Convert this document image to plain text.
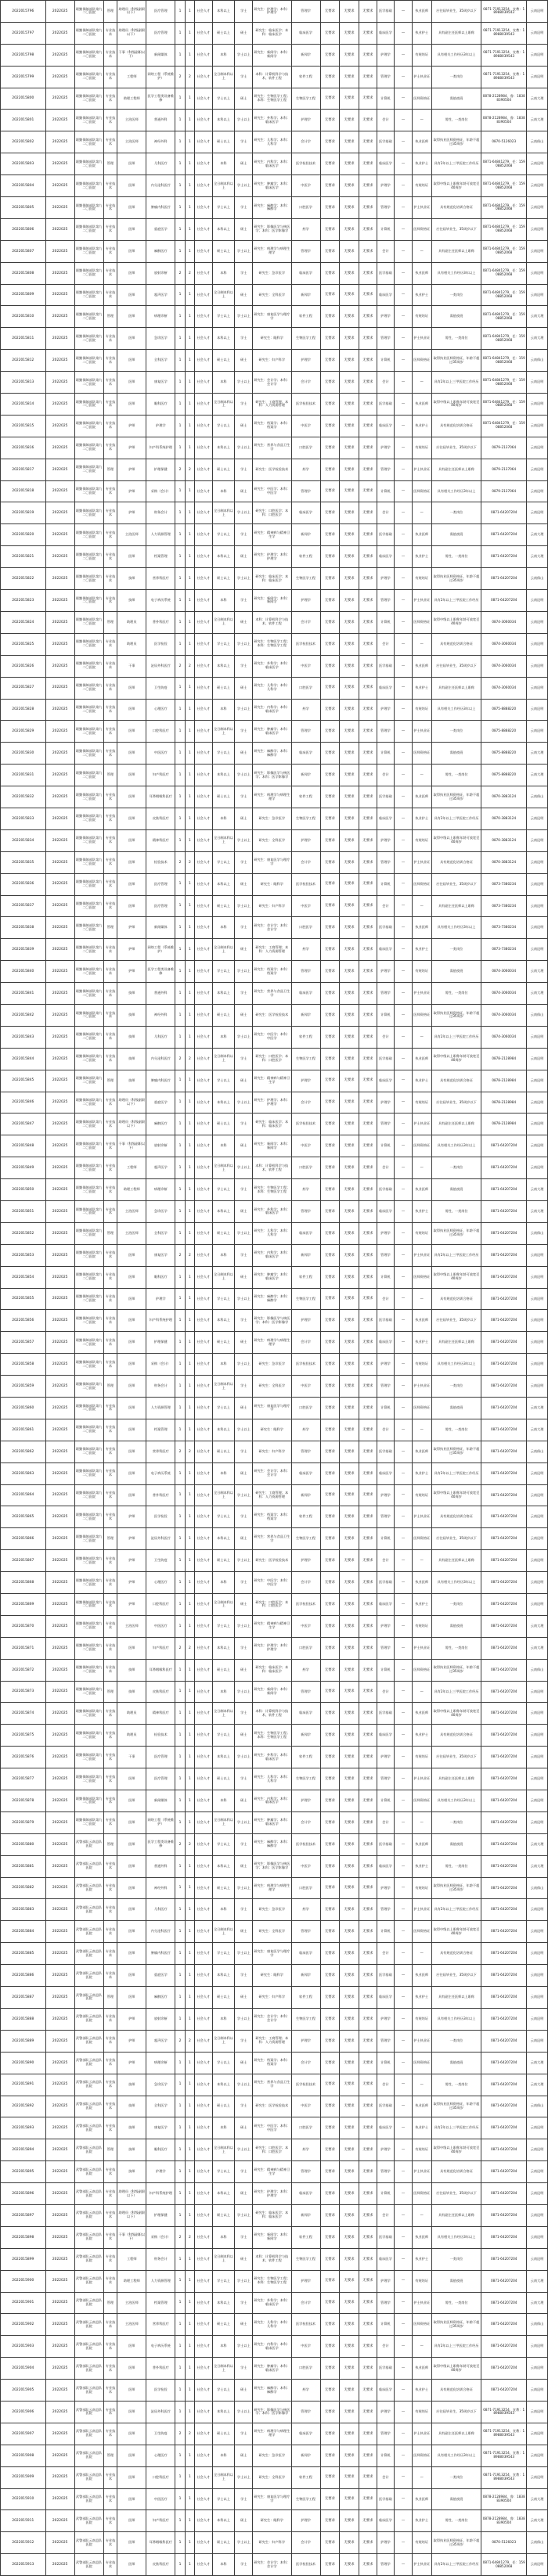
2022015796	2022025	联勤保障部队第九二〇医院	管理	助理员（科级副职以下）	医疗管理	1	1	社会人才	本科以上	学士	研究生：护理学；本科：护理学	管理学	无要求	无要求	无要求	医学基础	—	执业医师	应往届毕业生，35周岁以下	0871-71913254，宣教：18988039543	云南昆明
2022015797	2022025	联勤保障部队第九二〇医院	专业技术	助理员（科级副职以下）	医疗管理	1	1	社会人才	硕士以上	硕士	研究生：临床医学；本科：临床医学	临床医学	无要求	无要求	无要求	临床医学	—	执业护士	具有副主任医师以上职称	0871-71913254，宣教：18988039543	云南昆明
2022015798	2022025	联勤保障部队第九二〇医院	专业技术	干事（科级副职以下）	新闻媒体	1	1	社会人才	本科	学士以上	研究生：新闻学；本科：新闻学	新闻学	无要求	无要求	无要求	护理学	—	有规培证	具有相关工作经历3年以上	0871-71913254，宣教：18988039543	云南昆明
2022015799	2022025	联勤保障部队第九二〇医院	专业技术	工程师	网络工程（系统维护）	2	2	社会人才	全日制本科以上	学士	本科：计算机科学与技术、软件工程	软件工程	无要求	无要求	无要求	管理学	—	护士执业证	一类岗位	0871-71913254，宣教：18988039543	云南昆明
2022015800	2022025	联勤保障部队第九二〇医院	专业技术	助理工程师	医学工程类设备维修	1	1	社会人才	学士以上	硕士	研究生：生物医学工程；本科：生物医学工程	生物医学工程	无要求	无要求	无要求	计算机	—	医师资格证	需值夜班	0878-2128984，鲁：18388390504	云南大理
2022015801	2022025	联勤保障部队第九二〇医院	专业技术	主治医师	普通外科	1	1	社会人才	本科以上	学士以上	研究生：外科学；本科：临床医学	护理学	无要求	无要求	无要求	会计	—	—	男性，一类岗位	0878-2128984，鲁：18388390504	云南大理
2022015802	2022025	联勤保障部队第九二〇医院	专业技术	主治医师	神经外科	1	1	社会人才	硕士以上	学士	研究生：儿科学；本科：儿科学	会计学	无要求	无要求	无要求	医学基础	—	执业医师	取得执业医师资格证，年龄不超过35周岁	0870-5126023	云南保山
2022015803	2022025	联勤保障部队第九二〇医院	管理	医师	儿科医疗	1	1	社会人才	本科	硕士	研究生：内科学；本科：临床医学	医学检验技术	无要求	无要求	无要求	临床医学	—	执业护士	具有2年以上三甲医院工作经历	0871-64841279，任：15908852068	云南昆明
2022015804	2022025	联勤保障部队第九二〇医院	专业技术	医师	内分泌科医疗	1	1	社会人才	全日制本科以上	学士以上	研究生：肿瘤学；本科：临床医学	中医学	无要求	无要求	无要求	护理学	—	有规培证	取得中级以上职称年龄可放宽至40周岁	0871-64841279，任：15908852068	云南昆明
2022015805	2022025	联勤保障部队第九二〇医院	专业技术	医师	肿瘤内科医疗	1	1	社会人才	学士以上	学士	研究生：麻醉学；本科：麻醉学	口腔医学	无要求	无要求	无要求	管理学	—	护士执业证	具有规范化培训合格证	0871-64841279，任：15908852068	云南昆明
2022015806	2022025	联勤保障部队第九二〇医院	专业技术	医师	重症医学	1	1	社会人才	本科以上	硕士	研究生：影像医学与核医学；本科：医学影像学	药学	无要求	无要求	无要求	计算机	—	医师资格证	应往届毕业生，35周岁以下	0871-64841279，任：15908852068	云南昆明
2022015807	2022025	联勤保障部队第九二〇医院	专业技术	医师	麻醉医疗	1	1	社会人才	硕士以上	学士以上	研究生：病理学与病理生理学	管理学	无要求	无要求	无要求	会计	—	—	具有副主任医师以上职称	0871-64841279，任：15908852068	云南昆明
2022015808	2022025	联勤保障部队第九二〇医院	专业技术	医师	放射诊断	2	2	社会人才	本科	学士	研究生：急诊医学	临床医学	无要求	无要求	无要求	医学基础	—	执业医师	具有相关工作经历3年以上	0871-64841279，任：15908852068	云南昆明
2022015809	2022025	联勤保障部队第九二〇医院	专业技术	医师	超声医学	1	1	社会人才	全日制本科以上	硕士	研究生：全科医学	新闻学	无要求	无要求	无要求	临床医学	—	执业护士	一类岗位	0871-64841279，任：15908852068	云南昆明
2022015810	2022025	联勤保障部队第九二〇医院	管理	医师	病理诊断	1	1	社会人才	学士以上	学士以上	研究生：康复医学与理疗学	软件工程	无要求	无要求	无要求	护理学	—	有规培证	需值夜班	0871-64841279，任：15908852068	云南大理
2022015811	2022025	联勤保障部队第九二〇医院	专业技术	医师	急诊医学	1	1	社会人才	本科以上	学士	研究生：眼科学	生物医学工程	无要求	无要求	无要求	管理学	—	护士执业证	男性，一类岗位	0871-64841279，任：15908852068	云南大理
2022015812	2022025	联勤保障部队第九二〇医院	专业技术	医师	全科医学	1	1	社会人才	硕士以上	硕士	研究生：妇产科学	护理学	无要求	无要求	无要求	计算机	—	医师资格证	取得执业医师资格证，年龄不超过35周岁	0871-64841279，任：15908852068	云南保山
2022015813	2022025	联勤保障部队第九二〇医院	专业技术	医师	康复医学	1	1	社会人才	本科	学士以上	研究生：会计学；本科：会计学	会计学	无要求	无要求	无要求	会计	—	—	具有2年以上三甲医院工作经历	0871-64841279，任：15908852068	云南昆明
2022015814	2022025	联勤保障部队第九二〇医院	专业技术	医师	眼科医疗	1	1	社会人才	全日制本科以上	学士	研究生：工商管理；本科：人力资源管理	医学检验技术	无要求	无要求	无要求	医学基础	—	执业医师	取得中级以上职称年龄可放宽至40周岁	0871-64841279，任：15908852068	云南昆明
2022015815	2022025	联勤保障部队第九二〇医院	专业技术	护师	护理学	1	1	社会人才	学士以上	硕士	研究生：档案学；本科：档案学	中医学	无要求	无要求	无要求	临床医学	—	执业护士	具有规范化培训合格证	0871-64841279，任：15908852068	云南昆明
2022015816	2022025	联勤保障部队第九二〇医院	专业技术	护师	妇产科系统护理	1	1	社会人才	本科以上	学士以上	研究生：营养与食品卫生学	口腔医学	无要求	无要求	无要求	护理学	—	有规培证	应往届毕业生，35周岁以下	0879-2137064	云南昆明
2022015817	2022025	联勤保障部队第九二〇医院	管理	护师	护理保健	2	2	社会人才	硕士以上	学士	研究生：医学检验技术	药学	无要求	无要求	无要求	管理学	—	护士执业证	具有副主任医师以上职称	0879-2137064	云南昆明
2022015818	2022025	联勤保障部队第九二〇医院	专业技术	护师	采购（会计）	1	1	社会人才	本科	硕士	研究生：中医学；本科：中医学	管理学	无要求	无要求	无要求	计算机	—	医师资格证	具有相关工作经历3年以上	0879-2137064	云南昆明
2022015819	2022025	联勤保障部队第九二〇医院	专业技术	护师	财务会计	1	1	社会人才	全日制本科以上	学士以上	研究生：口腔医学；本科：口腔医学	临床医学	无要求	无要求	无要求	会计	—	—	一类岗位	0871-64207204	云南昆明
2022015820	2022025	联勤保障部队第九二〇医院	专业技术	主治医师	人力资源管理	1	1	社会人才	学士以上	学士	研究生：精神病与精神卫生学	新闻学	无要求	无要求	无要求	医学基础	—	执业医师	需值夜班	0871-64207204	云南大理
2022015821	2022025	联勤保障部队第九二〇医院	专业技术	医师	档案管理	1	1	社会人才	本科以上	硕士	研究生：护理学；本科：护理学	软件工程	无要求	无要求	无要求	临床医学	—	执业护士	男性，一类岗位	0871-64207204	云南大理
2022015822	2022025	联勤保障部队第九二〇医院	专业技术	技师	营养科医疗	1	1	社会人才	硕士以上	学士以上	研究生：临床医学；本科：临床医学	生物医学工程	无要求	无要求	无要求	护理学	—	有规培证	取得执业医师资格证，年龄不超过35周岁	0871-64207204	云南保山
2022015823	2022025	联勤保障部队第九二〇医院	专业技术	技师	电子病历系统	1	1	社会人才	本科	学士	研究生：新闻学；本科：新闻学	护理学	无要求	无要求	无要求	管理学	—	护士执业证	具有2年以上三甲医院工作经历	0871-64207204	云南昆明
2022015824	2022025	联勤保障部队第九二〇医院	管理	助理员	普外科医疗	1	1	社会人才	全日制本科以上	硕士	本科：计算机科学与技术、软件工程	会计学	无要求	无要求	无要求	计算机	—	医师资格证	取得中级以上职称年龄可放宽至40周岁	0874-3060034	云南昆明
2022015825	2022025	联勤保障部队第九二〇医院	专业技术	助理员	医学检验	1	1	社会人才	学士以上	学士以上	研究生：生物医学工程；本科：生物医学工程	医学检验技术	无要求	无要求	无要求	会计	—	—	具有规范化培训合格证	0874-3060034	云南昆明
2022015826	2022025	联勤保障部队第九二〇医院	专业技术	干事	泌尿外科医疗	2	2	社会人才	本科以上	学士	研究生：外科学；本科：临床医学	中医学	无要求	无要求	无要求	医学基础	—	执业医师	应往届毕业生，35周岁以下	0874-3060034	云南昆明
2022015827	2022025	联勤保障部队第九二〇医院	专业技术	医师	卫生防疫	1	1	社会人才	硕士以上	硕士	研究生：儿科学；本科：儿科学	口腔医学	无要求	无要求	无要求	临床医学	—	执业护士	具有副主任医师以上职称	0874-3060034	云南昆明
2022015828	2022025	联勤保障部队第九二〇医院	专业技术	医师	心理医疗	1	1	社会人才	本科	学士以上	研究生：内科学；本科：临床医学	药学	无要求	无要求	无要求	护理学	—	有规培证	具有相关工作经历3年以上	0875-8888220	云南昆明
2022015829	2022025	联勤保障部队第九二〇医院	专业技术	医师	口腔科医疗	1	1	社会人才	全日制本科以上	学士	研究生：肿瘤学；本科：临床医学	管理学	无要求	无要求	无要求	管理学	—	护士执业证	一类岗位	0875-8888220	云南昆明
2022015830	2022025	联勤保障部队第九二〇医院	专业技术	医师	中医医疗	1	1	社会人才	学士以上	硕士	研究生：麻醉学；本科：麻醉学	临床医学	无要求	无要求	无要求	计算机	—	医师资格证	需值夜班	0875-8888220	云南大理
2022015831	2022025	联勤保障部队第九二〇医院	管理	医师	妇产科医疗	1	1	社会人才	本科以上	学士以上	研究生：影像医学与核医学；本科：医学影像学	新闻学	无要求	无要求	无要求	会计	—	—	男性，一类岗位	0875-8888220	云南大理
2022015832	2022025	联勤保障部队第九二〇医院	专业技术	医师	耳鼻咽喉科医疗	1	1	社会人才	硕士以上	学士	研究生：病理学与病理生理学	软件工程	无要求	无要求	无要求	医学基础	—	执业医师	取得执业医师资格证，年龄不超过35周岁	0870-3883124	云南保山
2022015833	2022025	联勤保障部队第九二〇医院	专业技术	医师	皮肤科医疗	1	1	社会人才	本科	硕士	研究生：急诊医学	生物医学工程	无要求	无要求	无要求	临床医学	—	执业护士	具有2年以上三甲医院工作经历	0870-3883124	云南昆明
2022015834	2022025	联勤保障部队第九二〇医院	专业技术	医师	精神科医疗	1	1	社会人才	全日制本科以上	学士以上	研究生：全科医学	护理学	无要求	无要求	无要求	护理学	—	有规培证	取得中级以上职称年龄可放宽至40周岁	0870-3883124	云南昆明
2022015835	2022025	联勤保障部队第九二〇医院	专业技术	医师	检验技术	2	2	社会人才	学士以上	学士	研究生：康复医学与理疗学	会计学	无要求	无要求	无要求	管理学	—	护士执业证	具有规范化培训合格证	0870-3883124	云南昆明
2022015836	2022025	联勤保障部队第九二〇医院	专业技术	医师	医疗管理	1	1	社会人才	本科以上	硕士	研究生：眼科学	医学检验技术	无要求	无要求	无要求	计算机	—	医师资格证	应往届毕业生，35周岁以下	0873-7380234	云南昆明
2022015837	2022025	联勤保障部队第九二〇医院	专业技术	医师	医疗管理	1	1	社会人才	硕士以上	学士以上	研究生：妇产科学	中医学	无要求	无要求	无要求	会计	—	—	具有副主任医师以上职称	0873-7380234	云南昆明
2022015838	2022025	联勤保障部队第九二〇医院	管理	护师	新闻媒体	1	1	社会人才	本科	学士	研究生：会计学；本科：会计学	口腔医学	无要求	无要求	无要求	医学基础	—	执业医师	具有相关工作经历3年以上	0873-7380234	云南昆明
2022015839	2022025	联勤保障部队第九二〇医院	专业技术	护师	网络工程（系统维护）	1	1	社会人才	全日制本科以上	硕士	研究生：工商管理；本科：人力资源管理	药学	无要求	无要求	无要求	临床医学	—	执业护士	一类岗位	0873-7380234	云南昆明
2022015840	2022025	联勤保障部队第九二〇医院	专业技术	护师	医学工程类设备维修	1	1	社会人才	学士以上	学士以上	研究生：档案学；本科：档案学	管理学	无要求	无要求	无要求	护理学	—	有规培证	需值夜班	0874-3060034	云南大理
2022015841	2022025	联勤保障部队第九二〇医院	专业技术	技师	普通外科	1	1	社会人才	本科以上	学士	研究生：营养与食品卫生学	临床医学	无要求	无要求	无要求	管理学	—	护士执业证	男性，一类岗位	0874-3060034	云南大理
2022015842	2022025	联勤保障部队第九二〇医院	专业技术	技师	神经外科	1	1	社会人才	硕士以上	硕士	研究生：医学检验技术	新闻学	无要求	无要求	无要求	计算机	—	医师资格证	取得执业医师资格证，年龄不超过35周岁	0874-3060034	云南保山
2022015843	2022025	联勤保障部队第九二〇医院	专业技术	技师	儿科医疗	1	1	社会人才	本科	学士以上	研究生：中医学；本科：中医学	软件工程	无要求	无要求	无要求	会计	—	—	具有2年以上三甲医院工作经历	0874-3060034	云南昆明
2022015844	2022025	联勤保障部队第九二〇医院	专业技术	技师	内分泌科医疗	2	2	社会人才	全日制本科以上	学士	研究生：口腔医学；本科：口腔医学	生物医学工程	无要求	无要求	无要求	医学基础	—	执业医师	取得中级以上职称年龄可放宽至40周岁	0878-2128984	云南昆明
2022015845	2022025	联勤保障部队第九二〇医院	管理	技师	肿瘤内科医疗	1	1	社会人才	学士以上	硕士	研究生：精神病与精神卫生学	护理学	无要求	无要求	无要求	临床医学	—	执业护士	具有规范化培训合格证	0878-2128984	云南昆明
2022015846	2022025	联勤保障部队第九二〇医院	专业技术	助理员（科级副职以下）	重症医学	1	1	社会人才	本科以上	学士以上	研究生：护理学；本科：护理学	会计学	无要求	无要求	无要求	护理学	—	有规培证	应往届毕业生，35周岁以下	0878-2128984	云南昆明
2022015847	2022025	联勤保障部队第九二〇医院	专业技术	助理员（科级副职以下）	麻醉医疗	1	1	社会人才	硕士以上	学士	研究生：临床医学；本科：临床医学	医学检验技术	无要求	无要求	无要求	管理学	—	护士执业证	具有副主任医师以上职称	0878-2128984	云南昆明
2022015848	2022025	联勤保障部队第九二〇医院	专业技术	干事（科级副职以下）	放射诊断	1	1	社会人才	本科	硕士	研究生：新闻学；本科：新闻学	中医学	无要求	无要求	无要求	计算机	—	医师资格证	具有相关工作经历3年以上	0871-64207204	云南昆明
2022015849	2022025	联勤保障部队第九二〇医院	专业技术	工程师	超声医学	1	1	社会人才	全日制本科以上	学士以上	本科：计算机科学与技术、软件工程	口腔医学	无要求	无要求	无要求	会计	—	—	一类岗位	0871-64207204	云南昆明
2022015850	2022025	联勤保障部队第九二〇医院	专业技术	助理工程师	病理诊断	1	1	社会人才	学士以上	学士	研究生：生物医学工程；本科：生物医学工程	药学	无要求	无要求	无要求	医学基础	—	执业医师	需值夜班	0871-64207204	云南大理
2022015851	2022025	联勤保障部队第九二〇医院	专业技术	主治医师	急诊医学	1	1	社会人才	本科以上	硕士	研究生：外科学；本科：临床医学	管理学	无要求	无要求	无要求	临床医学	—	执业护士	男性，一类岗位	0871-64207204	云南大理
2022015852	2022025	联勤保障部队第九二〇医院	管理	主治医师	全科医学	1	1	社会人才	硕士以上	学士以上	研究生：儿科学；本科：儿科学	临床医学	无要求	无要求	无要求	护理学	—	有规培证	取得执业医师资格证，年龄不超过35周岁	0871-64207204	云南保山
2022015853	2022025	联勤保障部队第九二〇医院	专业技术	医师	康复医学	2	2	社会人才	本科	学士	研究生：内科学；本科：临床医学	新闻学	无要求	无要求	无要求	管理学	—	护士执业证	具有2年以上三甲医院工作经历	0871-64207204	云南昆明
2022015854	2022025	联勤保障部队第九二〇医院	专业技术	医师	眼科医疗	1	1	社会人才	全日制本科以上	硕士	研究生：肿瘤学；本科：临床医学	软件工程	无要求	无要求	无要求	计算机	—	医师资格证	取得中级以上职称年龄可放宽至40周岁	0871-64207204	云南昆明
2022015855	2022025	联勤保障部队第九二〇医院	专业技术	医师	护理学	1	1	社会人才	学士以上	学士以上	研究生：麻醉学；本科：麻醉学	生物医学工程	无要求	无要求	无要求	会计	—	—	具有规范化培训合格证	0871-64207204	云南昆明
2022015856	2022025	联勤保障部队第九二〇医院	专业技术	医师	妇产科系统护理	1	1	社会人才	本科以上	学士	研究生：影像医学与核医学；本科：医学影像学	护理学	无要求	无要求	无要求	医学基础	—	执业医师	应往届毕业生，35周岁以下	0871-64207204	云南昆明
2022015857	2022025	联勤保障部队第九二〇医院	专业技术	医师	护理保健	1	1	社会人才	硕士以上	硕士	研究生：病理学与病理生理学	会计学	无要求	无要求	无要求	临床医学	—	执业护士	具有副主任医师以上职称	0871-64207204	云南昆明
2022015858	2022025	联勤保障部队第九二〇医院	专业技术	医师	采购（会计）	1	1	社会人才	本科	学士以上	研究生：急诊医学	医学检验技术	无要求	无要求	无要求	护理学	—	有规培证	具有相关工作经历3年以上	0871-64207204	云南昆明
2022015859	2022025	联勤保障部队第九二〇医院	管理	医师	财务会计	1	1	社会人才	全日制本科以上	学士	研究生：全科医学	中医学	无要求	无要求	无要求	管理学	—	护士执业证	一类岗位	0871-64207204	云南昆明
2022015860	2022025	联勤保障部队第九二〇医院	专业技术	医师	人力资源管理	1	1	社会人才	学士以上	硕士	研究生：康复医学与理疗学	口腔医学	无要求	无要求	无要求	计算机	—	医师资格证	需值夜班	0871-64207204	云南大理
2022015861	2022025	联勤保障部队第九二〇医院	专业技术	医师	档案管理	1	1	社会人才	本科以上	学士以上	研究生：眼科学	药学	无要求	无要求	无要求	会计	—	—	男性，一类岗位	0871-64207204	云南大理
2022015862	2022025	联勤保障部队第九二〇医院	专业技术	医师	营养科医疗	2	2	社会人才	硕士以上	学士	研究生：妇产科学	管理学	无要求	无要求	无要求	医学基础	—	执业医师	取得执业医师资格证，年龄不超过35周岁	0871-64207204	云南保山
2022015863	2022025	联勤保障部队第九二〇医院	专业技术	医师	电子病历系统	1	1	社会人才	本科	硕士	研究生：会计学；本科：会计学	临床医学	无要求	无要求	无要求	临床医学	—	执业护士	具有2年以上三甲医院工作经历	0871-64207204	云南昆明
2022015864	2022025	联勤保障部队第九二〇医院	专业技术	医师	普外科医疗	1	1	社会人才	全日制本科以上	学士以上	研究生：工商管理；本科：人力资源管理	新闻学	无要求	无要求	无要求	护理学	—	有规培证	取得中级以上职称年龄可放宽至40周岁	0871-64207204	云南昆明
2022015865	2022025	联勤保障部队第九二〇医院	专业技术	护师	医学检验	1	1	社会人才	学士以上	学士	研究生：档案学；本科：档案学	软件工程	无要求	无要求	无要求	管理学	—	护士执业证	具有规范化培训合格证	0871-64207204	云南昆明
2022015866	2022025	联勤保障部队第九二〇医院	管理	护师	泌尿外科医疗	1	1	社会人才	本科以上	硕士	研究生：营养与食品卫生学	生物医学工程	无要求	无要求	无要求	计算机	—	医师资格证	应往届毕业生，35周岁以下	0871-64207204	云南昆明
2022015867	2022025	联勤保障部队第九二〇医院	专业技术	护师	卫生防疫	1	1	社会人才	硕士以上	学士以上	研究生：医学检验技术	护理学	无要求	无要求	无要求	会计	—	—	具有副主任医师以上职称	0871-64207204	云南昆明
2022015868	2022025	联勤保障部队第九二〇医院	专业技术	护师	心理医疗	1	1	社会人才	本科	学士	研究生：中医学；本科：中医学	会计学	无要求	无要求	无要求	医学基础	—	执业医师	具有相关工作经历3年以上	0871-64207204	云南昆明
2022015869	2022025	联勤保障部队第九二〇医院	专业技术	护师	口腔科医疗	1	1	社会人才	全日制本科以上	硕士	研究生：口腔医学；本科：口腔医学	医学检验技术	无要求	无要求	无要求	临床医学	—	执业护士	一类岗位	0871-64207204	云南昆明
2022015870	2022025	联勤保障部队第九二〇医院	专业技术	主治医师	中医医疗	1	1	社会人才	学士以上	学士以上	研究生：精神病与精神卫生学	中医学	无要求	无要求	无要求	护理学	—	有规培证	需值夜班	0871-64207204	云南大理
2022015871	2022025	联勤保障部队第九二〇医院	专业技术	医师	妇产科医疗	2	2	社会人才	本科以上	学士	研究生：护理学；本科：护理学	口腔医学	无要求	无要求	无要求	管理学	—	护士执业证	男性，一类岗位	0871-64207204	云南大理
2022015872	2022025	联勤保障部队第九二〇医院	专业技术	技师	耳鼻咽喉科医疗	1	1	社会人才	硕士以上	硕士	研究生：临床医学；本科：临床医学	药学	无要求	无要求	无要求	计算机	—	医师资格证	取得执业医师资格证，年龄不超过35周岁	0871-64207204	云南保山
2022015873	2022025	联勤保障部队第九二〇医院	管理	技师	皮肤科医疗	1	1	社会人才	本科	学士以上	研究生：新闻学；本科：新闻学	管理学	无要求	无要求	无要求	会计	—	—	具有2年以上三甲医院工作经历	0871-64207204	云南昆明
2022015874	2022025	联勤保障部队第九二〇医院	专业技术	助理员	精神科医疗	1	1	社会人才	全日制本科以上	学士	本科：计算机科学与技术、软件工程	临床医学	无要求	无要求	无要求	医学基础	—	执业医师	取得中级以上职称年龄可放宽至40周岁	0871-64207204	云南昆明
2022015875	2022025	联勤保障部队第九二〇医院	专业技术	助理员	检验技术	1	1	社会人才	学士以上	硕士	研究生：生物医学工程；本科：生物医学工程	新闻学	无要求	无要求	无要求	临床医学	—	执业护士	具有规范化培训合格证	0871-64207204	云南昆明
2022015876	2022025	联勤保障部队第九二〇医院	专业技术	干事	医疗管理	1	1	社会人才	本科以上	学士以上	研究生：外科学；本科：临床医学	软件工程	无要求	无要求	无要求	护理学	—	有规培证	应往届毕业生，35周岁以下	0871-64207204	云南昆明
2022015877	2022025	联勤保障部队第九二〇医院	专业技术	医师	医疗管理	1	1	社会人才	硕士以上	学士	研究生：儿科学；本科：儿科学	生物医学工程	无要求	无要求	无要求	管理学	—	护士执业证	具有副主任医师以上职称	0871-64207204	云南昆明
2022015878	2022025	联勤保障部队第九二〇医院	专业技术	医师	新闻媒体	1	1	社会人才	本科	硕士	研究生：内科学；本科：临床医学	护理学	无要求	无要求	无要求	计算机	—	医师资格证	具有相关工作经历3年以上	0871-64207204	云南昆明
2022015879	2022025	联勤保障部队第九二〇医院	专业技术	医师	网络工程（系统维护）	1	1	社会人才	全日制本科以上	学士以上	研究生：肿瘤学；本科：临床医学	会计学	无要求	无要求	无要求	会计	—	—	一类岗位	0871-64207204	云南昆明
2022015880	2022025	武警部队云南总队医院	管理	医师	医学工程类设备维修	2	2	社会人才	学士以上	学士	研究生：麻醉学；本科：麻醉学	医学检验技术	无要求	无要求	无要求	医学基础	—	执业医师	需值夜班	0871-64207204	云南大理
2022015881	2022025	武警部队云南总队医院	专业技术	医师	普通外科	1	1	社会人才	本科以上	硕士	研究生：影像医学与核医学；本科：医学影像学	中医学	无要求	无要求	无要求	临床医学	—	执业护士	男性，一类岗位	0871-64207204	云南大理
2022015882	2022025	武警部队云南总队医院	专业技术	医师	神经外科	1	1	社会人才	硕士以上	学士以上	研究生：病理学与病理生理学	口腔医学	无要求	无要求	无要求	护理学	—	有规培证	取得执业医师资格证，年龄不超过35周岁	0871-64207204	云南保山
2022015883	2022025	武警部队云南总队医院	专业技术	医师	儿科医疗	1	1	社会人才	本科	学士	研究生：急诊医学	药学	无要求	无要求	无要求	管理学	—	护士执业证	具有2年以上三甲医院工作经历	0871-64207204	云南昆明
2022015884	2022025	武警部队云南总队医院	专业技术	医师	内分泌科医疗	1	1	社会人才	全日制本科以上	硕士	研究生：全科医学	管理学	无要求	无要求	无要求	计算机	—	医师资格证	取得中级以上职称年龄可放宽至40周岁	0871-64207204	云南昆明
2022015885	2022025	武警部队云南总队医院	专业技术	医师	肿瘤内科医疗	1	1	社会人才	学士以上	学士以上	研究生：康复医学与理疗学	临床医学	无要求	无要求	无要求	会计	—	—	具有规范化培训合格证	0871-64207204	云南昆明
2022015886	2022025	武警部队云南总队医院	专业技术	医师	重症医学	1	1	社会人才	本科以上	学士	研究生：眼科学	新闻学	无要求	无要求	无要求	医学基础	—	执业医师	应往届毕业生，35周岁以下	0871-64207204	云南昆明
2022015887	2022025	武警部队云南总队医院	管理	医师	麻醉医疗	1	1	社会人才	硕士以上	硕士	研究生：妇产科学	软件工程	无要求	无要求	无要求	临床医学	—	执业护士	具有副主任医师以上职称	0871-64207204	云南昆明
2022015888	2022025	武警部队云南总队医院	专业技术	护师	放射诊断	1	1	社会人才	本科	学士以上	研究生：会计学；本科：会计学	生物医学工程	无要求	无要求	无要求	护理学	—	有规培证	具有相关工作经历3年以上	0871-64207204	云南昆明
2022015889	2022025	武警部队云南总队医院	专业技术	护师	超声医学	2	2	社会人才	全日制本科以上	学士	研究生：工商管理；本科：人力资源管理	护理学	无要求	无要求	无要求	管理学	—	护士执业证	一类岗位	0871-64207204	云南昆明
2022015890	2022025	武警部队云南总队医院	专业技术	护师	病理诊断	1	1	社会人才	学士以上	硕士	研究生：档案学；本科：档案学	会计学	无要求	无要求	无要求	计算机	—	医师资格证	需值夜班	0871-64207204	云南大理
2022015891	2022025	武警部队云南总队医院	专业技术	技师	急诊医学	1	1	社会人才	本科以上	学士以上	研究生：营养与食品卫生学	医学检验技术	无要求	无要求	无要求	会计	—	—	男性，一类岗位	0871-64207204	云南大理
2022015892	2022025	武警部队云南总队医院	专业技术	技师	全科医学	1	1	社会人才	硕士以上	学士	研究生：医学检验技术	中医学	无要求	无要求	无要求	医学基础	—	执业医师	取得执业医师资格证，年龄不超过35周岁	0871-64207204	云南保山
2022015893	2022025	武警部队云南总队医院	专业技术	技师	康复医学	1	1	社会人才	本科	硕士	研究生：中医学；本科：中医学	口腔医学	无要求	无要求	无要求	临床医学	—	执业护士	具有2年以上三甲医院工作经历	0871-64207204	云南昆明
2022015894	2022025	武警部队云南总队医院	管理	技师	眼科医疗	1	1	社会人才	全日制本科以上	学士以上	研究生：口腔医学；本科：口腔医学	药学	无要求	无要求	无要求	护理学	—	有规培证	取得中级以上职称年龄可放宽至40周岁	0871-64207204	云南昆明
2022015895	2022025	武警部队云南总队医院	专业技术	技师	护理学	1	1	社会人才	学士以上	学士	研究生：精神病与精神卫生学	管理学	无要求	无要求	无要求	管理学	—	护士执业证	具有规范化培训合格证	0871-64207204	云南昆明
2022015896	2022025	武警部队云南总队医院	专业技术	助理员（科级副职以下）	妇产科系统护理	1	1	社会人才	本科以上	硕士	研究生：护理学；本科：护理学	临床医学	无要求	无要求	无要求	计算机	—	医师资格证	应往届毕业生，35周岁以下	0871-64207204	云南昆明
2022015897	2022025	武警部队云南总队医院	专业技术	助理员（科级副职以下）	护理保健	1	1	社会人才	硕士以上	学士以上	研究生：临床医学；本科：临床医学	新闻学	无要求	无要求	无要求	会计	—	—	具有副主任医师以上职称	0871-64207204	云南昆明
2022015898	2022025	武警部队云南总队医院	专业技术	干事（科级副职以下）	采购（会计）	2	2	社会人才	本科	学士	研究生：新闻学；本科：新闻学	软件工程	无要求	无要求	无要求	医学基础	—	执业医师	具有相关工作经历3年以上	0871-64207204	云南昆明
2022015899	2022025	武警部队云南总队医院	专业技术	工程师	财务会计	1	1	社会人才	全日制本科以上	硕士	本科：计算机科学与技术、软件工程	生物医学工程	无要求	无要求	无要求	临床医学	—	执业护士	一类岗位	0871-64207204	云南昆明
2022015900	2022025	武警部队云南总队医院	专业技术	助理工程师	人力资源管理	1	1	社会人才	学士以上	学士以上	研究生：生物医学工程；本科：生物医学工程	护理学	无要求	无要求	无要求	护理学	—	有规培证	需值夜班	0871-64207204	云南大理
2022015901	2022025	武警部队云南总队医院	管理	主治医师	档案管理	1	1	社会人才	本科以上	学士	研究生：外科学；本科：临床医学	会计学	无要求	无要求	无要求	管理学	—	护士执业证	男性，一类岗位	0871-64207204	云南大理
2022015902	2022025	武警部队云南总队医院	专业技术	主治医师	营养科医疗	1	1	社会人才	硕士以上	硕士	研究生：儿科学；本科：儿科学	医学检验技术	无要求	无要求	无要求	计算机	—	医师资格证	取得执业医师资格证，年龄不超过35周岁	0871-64207204	云南保山
2022015903	2022025	武警部队云南总队医院	专业技术	医师	电子病历系统	1	1	社会人才	本科	学士以上	研究生：内科学；本科：临床医学	中医学	无要求	无要求	无要求	会计	—	—	具有2年以上三甲医院工作经历	0871-64207204	云南昆明
2022015904	2022025	武警部队云南总队医院	专业技术	医师	普外科医疗	1	1	社会人才	全日制本科以上	学士	研究生：肿瘤学；本科：临床医学	口腔医学	无要求	无要求	无要求	医学基础	—	执业医师	取得中级以上职称年龄可放宽至40周岁	0871-64207204	云南昆明
2022015905	2022025	武警部队云南总队医院	专业技术	医师	医学检验	1	1	社会人才	学士以上	硕士	研究生：麻醉学；本科：麻醉学	药学	无要求	无要求	无要求	临床医学	—	执业护士	具有规范化培训合格证	0871-64207204	云南昆明
2022015906	2022025	武警部队云南总队医院	专业技术	医师	泌尿外科医疗	1	1	社会人才	本科以上	学士以上	研究生：影像医学与核医学；本科：医学影像学	管理学	无要求	无要求	无要求	护理学	—	有规培证	应往届毕业生，35周岁以下	0871-71913254，宣教：18988039543	云南昆明
2022015907	2022025	武警部队云南总队医院	专业技术	医师	卫生防疫	2	2	社会人才	硕士以上	学士	研究生：病理学与病理生理学	临床医学	无要求	无要求	无要求	管理学	—	护士执业证	具有副主任医师以上职称	0871-71913254，宣教：18988039543	云南昆明
2022015908	2022025	武警部队云南总队医院	管理	医师	心理医疗	1	1	社会人才	本科	硕士	研究生：急诊医学	新闻学	无要求	无要求	无要求	计算机	—	医师资格证	具有相关工作经历3年以上	0871-71913254，宣教：18988039543	云南昆明
2022015909	2022025	武警部队云南总队医院	专业技术	医师	口腔科医疗	1	1	社会人才	全日制本科以上	学士以上	研究生：全科医学	软件工程	无要求	无要求	无要求	会计	—	—	一类岗位	0871-71913254，宣教：18988039543	云南昆明
2022015910	2022025	武警部队云南总队医院	专业技术	医师	中医医疗	1	1	社会人才	学士以上	学士	研究生：康复医学与理疗学	生物医学工程	无要求	无要求	无要求	医学基础	—	执业医师	需值夜班	0878-2128984，鲁：18388390504	云南大理
2022015911	2022025	武警部队云南总队医院	专业技术	医师	妇产科医疗	1	1	社会人才	本科以上	硕士	研究生：眼科学	护理学	无要求	无要求	无要求	临床医学	—	执业护士	男性，一类岗位	0878-2128984，鲁：18388390504	云南大理
2022015912	2022025	武警部队云南总队医院	专业技术	医师	耳鼻咽喉科医疗	1	1	社会人才	硕士以上	学士以上	研究生：妇产科学	会计学	无要求	无要求	无要求	护理学	—	有规培证	取得执业医师资格证，年龄不超过35周岁	0870-5126023	云南保山
2022015913	2022025	武警部队云南总队医院	专业技术	医师	皮肤科医疗	1	1	社会人才	本科	学士	研究生：会计学；本科：会计学	医学检验技术	无要求	无要求	无要求	管理学	—	护士执业证	具有2年以上三甲医院工作经历	0871-64841279，任：15908852068	云南昆明
